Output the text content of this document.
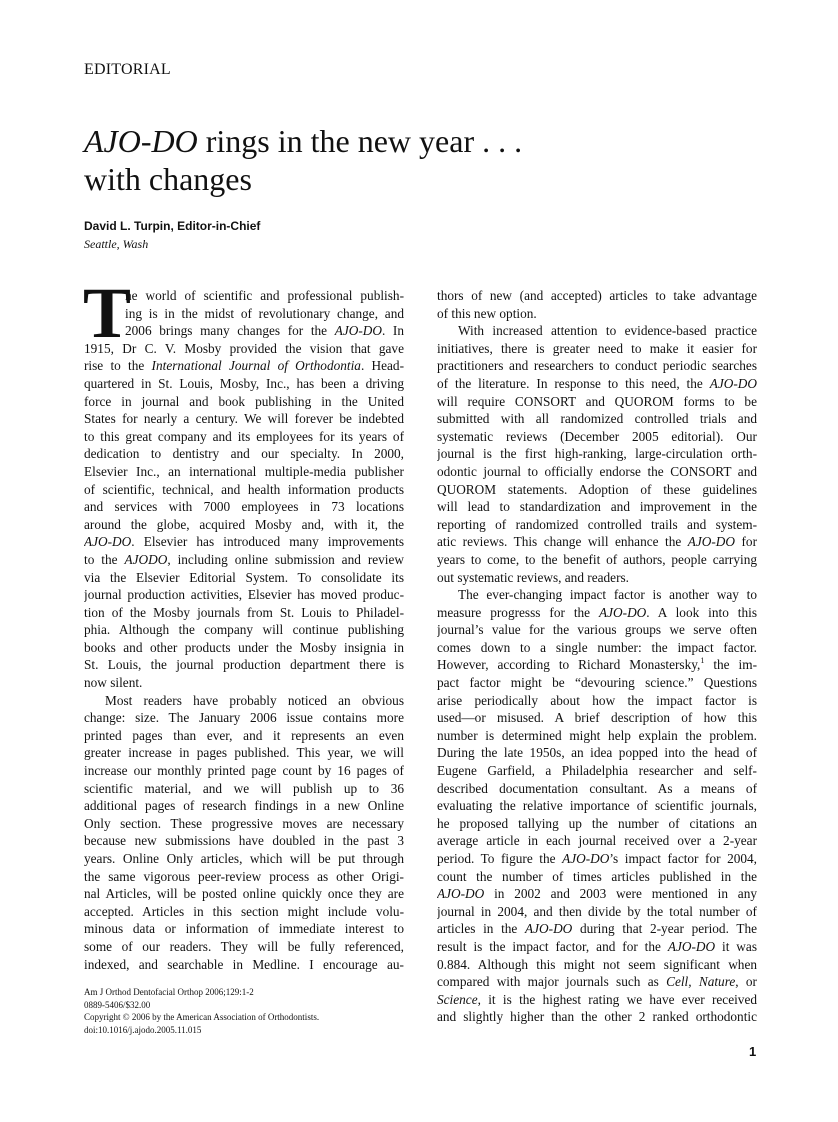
EDITORIAL
AJO-DO rings in the new year . . .
with changes
David L. Turpin, Editor-in-Chief
Seattle, Wash
T
he world of scientific and professional publish-
ing is in the midst of revolutionary change, and
2006 brings many changes for the AJO-DO. In
1915, Dr C. V. Mosby provided the vision that gave
rise to the International Journal of Orthodontia. Head-
quartered in St. Louis, Mosby, Inc., has been a driving
force in journal and book publishing in the United
States for nearly a century. We will forever be indebted
to this great company and its employees for its years of
dedication to dentistry and our specialty. In 2000,
Elsevier Inc., an international multiple-media publisher
of scientific, technical, and health information products
and services with 7000 employees in 73 locations
around the globe, acquired Mosby and, with it, the
AJO-DO. Elsevier has introduced many improvements
to the AJODO, including online submission and review
via the Elsevier Editorial System. To consolidate its
journal production activities, Elsevier has moved produc-
tion of the Mosby journals from St. Louis to Philadel-
phia. Although the company will continue publishing
books and other products under the Mosby insignia in
St. Louis, the journal production department there is
now silent.
Most readers have probably noticed an obvious
change: size. The January 2006 issue contains more
printed pages than ever, and it represents an even
greater increase in pages published. This year, we will
increase our monthly printed page count by 16 pages of
scientific material, and we will publish up to 36
additional pages of research findings in a new Online
Only section. These progressive moves are necessary
because new submissions have doubled in the past 3
years. Online Only articles, which will be put through
the same vigorous peer-review process as other Origi-
nal Articles, will be posted online quickly once they are
accepted. Articles in this section might include volu-
minous data or information of immediate interest to
some of our readers. They will be fully referenced,
indexed, and searchable in Medline. I encourage au-
thors of new (and accepted) articles to take advantage
of this new option.
With increased attention to evidence-based practice
initiatives, there is greater need to make it easier for
practitioners and researchers to conduct periodic searches
of the literature. In response to this need, the AJO-DO
will require CONSORT and QUOROM forms to be
submitted with all randomized controlled trials and
systematic reviews (December 2005 editorial). Our
journal is the first high-ranking, large-circulation orth-
odontic journal to officially endorse the CONSORT and
QUOROM statements. Adoption of these guidelines
will lead to standardization and improvement in the
reporting of randomized controlled trails and system-
atic reviews. This change will enhance the AJO-DO for
years to come, to the benefit of authors, people carrying
out systematic reviews, and readers.
The ever-changing impact factor is another way to
measure progresss for the AJO-DO. A look into this
journal’s value for the various groups we serve often
comes down to a single number: the impact factor.
However, according to Richard Monastersky,$^1$ the im-
pact factor might be “devouring science.” Questions
arise periodically about how the impact factor is
used—or misused. A brief description of how this
number is determined might help explain the problem.
During the late 1950s, an idea popped into the head of
Eugene Garfield, a Philadelphia researcher and self-
described documentation consultant. As a means of
evaluating the relative importance of scientific journals,
he proposed tallying up the number of citations an
average article in each journal received over a 2-year
period. To figure the AJO-DO’s impact factor for 2004,
count the number of times articles published in the
AJO-DO in 2002 and 2003 were mentioned in any
journal in 2004, and then divide by the total number of
articles in the AJO-DO during that 2-year period. The
result is the impact factor, and for the AJO-DO it was
0.884. Although this might not seem significant when
compared with major journals such as Cell, Nature, or
Science, it is the highest rating we have ever received
and slightly higher than the other 2 ranked orthodontic
Am J Orthod Dentofacial Orthop 2006;129:1-2
0889-5406/$32.00
Copyright © 2006 by the American Association of Orthodontists.
doi:10.1016/j.ajodo.2005.11.015
1
